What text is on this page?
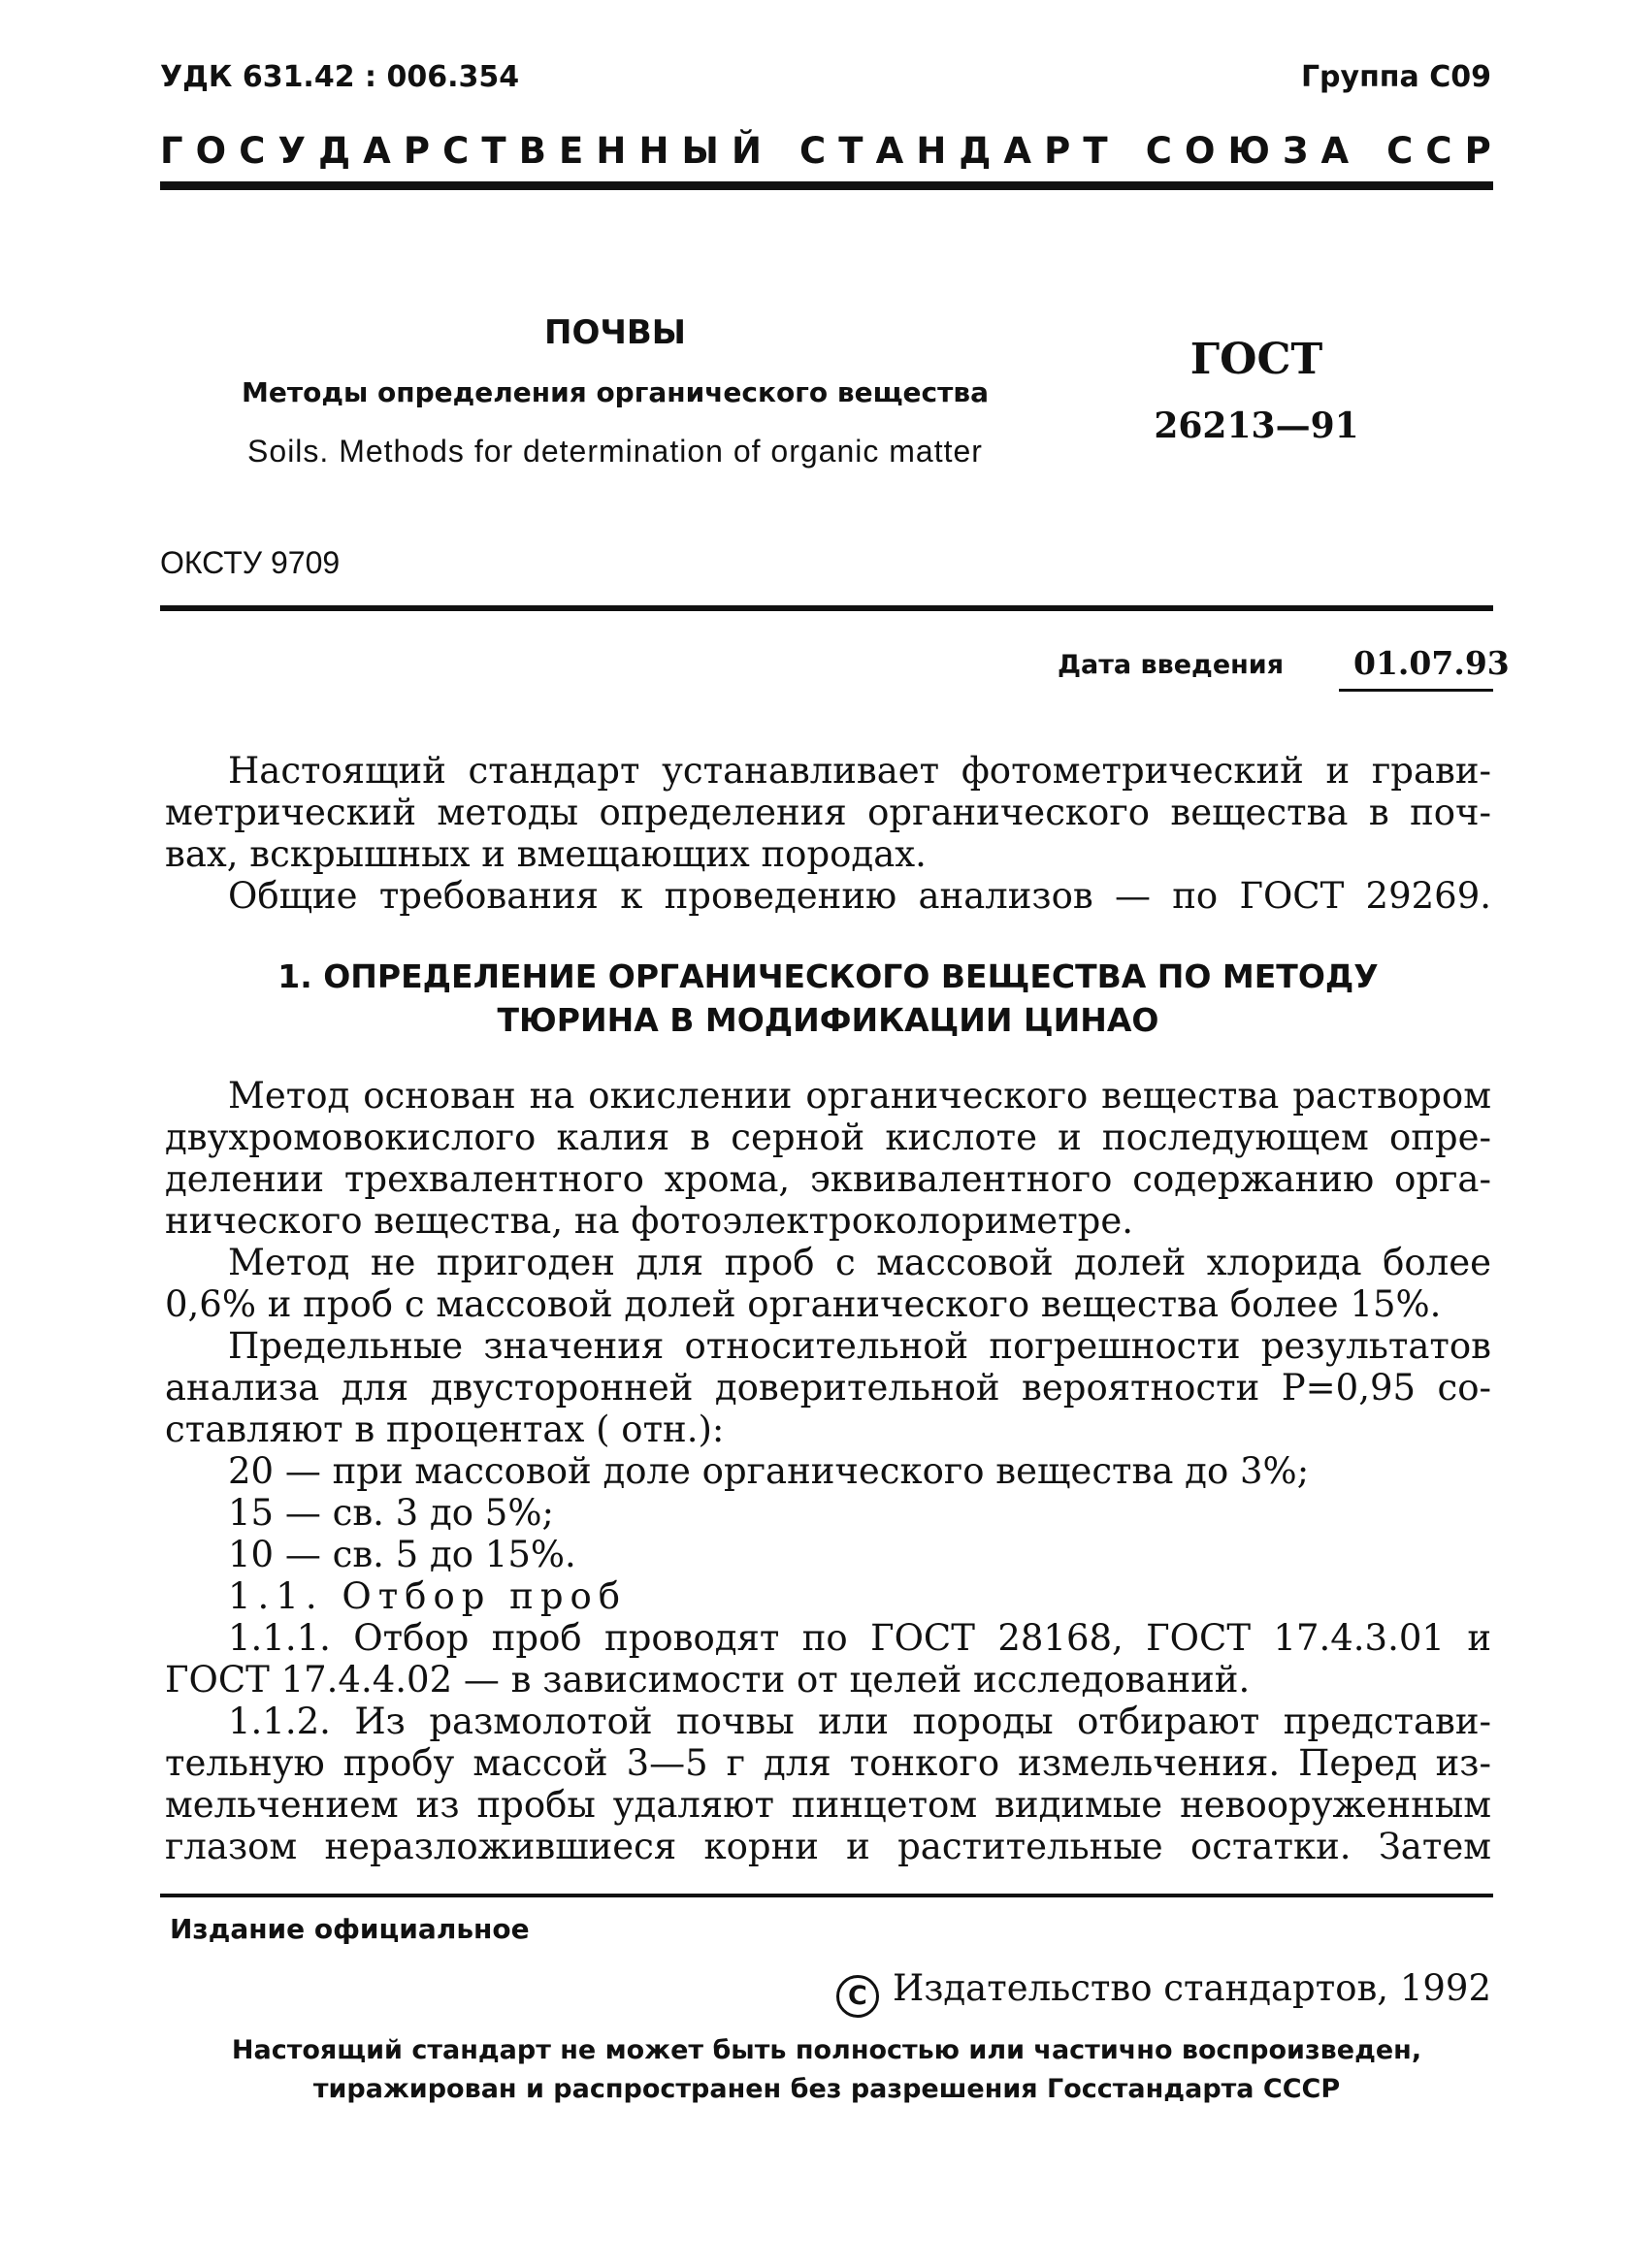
УДК 631.42 : 006.354	Группа С09
Г О С У Д А Р С Т В Е Н Н Ы Й
С Т А Н Д А Р Т
С О Ю З А
С С Р
ПОЧВЫ
Методы определения органического вещества
Soils. Methods for determination of organic matter
ГОСТ
26213—91
ОКСТУ 9709
Дата введения 01.07.93
Настоящий стандарт устанавливает фотометрический и грави-
метрический методы определения органического вещества в поч-
вах, вскрышных и вмещающих породах.
Общие требования к проведению анализов — по ГОСТ 29269.
1. ОПРЕДЕЛЕНИЕ ОРГАНИЧЕСКОГО ВЕЩЕСТВА ПО МЕТОДУ
ТЮРИНА В МОДИФИКАЦИИ ЦИНАО
Метод основан на окислении органического вещества раствором
двухромовокислого калия в серной кислоте и последующем опре-
делении трехвалентного хрома, эквивалентного содержанию орга-
нического вещества, на фотоэлектроколориметре.
Метод не пригоден для проб с массовой долей хлорида более
0,6% и проб с массовой долей органического вещества более 15%.
Предельные значения относительной погрешности результатов
анализа для двусторонней доверительной вероятности P=0,95 со-
ставляют в процентах ( отн.):
20 — при массовой доле органического вещества до 3%;
15 — св. 3 до 5%;
10 — св. 5 до 15%.
1.1. Отбор проб
1.1.1. Отбор проб проводят по ГОСТ 28168, ГОСТ 17.4.3.01 и
ГОСТ 17.4.4.02 — в зависимости от целей исследований.
1.1.2. Из размолотой почвы или породы отбирают представи-
тельную пробу массой 3—5 г для тонкого измельчения. Перед из-
мельчением из пробы удаляют пинцетом видимые невооруженным
глазом неразложившиеся корни и растительные остатки. Затем
Издание официальное
C Издательство стандартов, 1992
Настоящий стандарт не может быть полностью или частично воспроизведен,
тиражирован и распространен без разрешения Госстандарта СССР
